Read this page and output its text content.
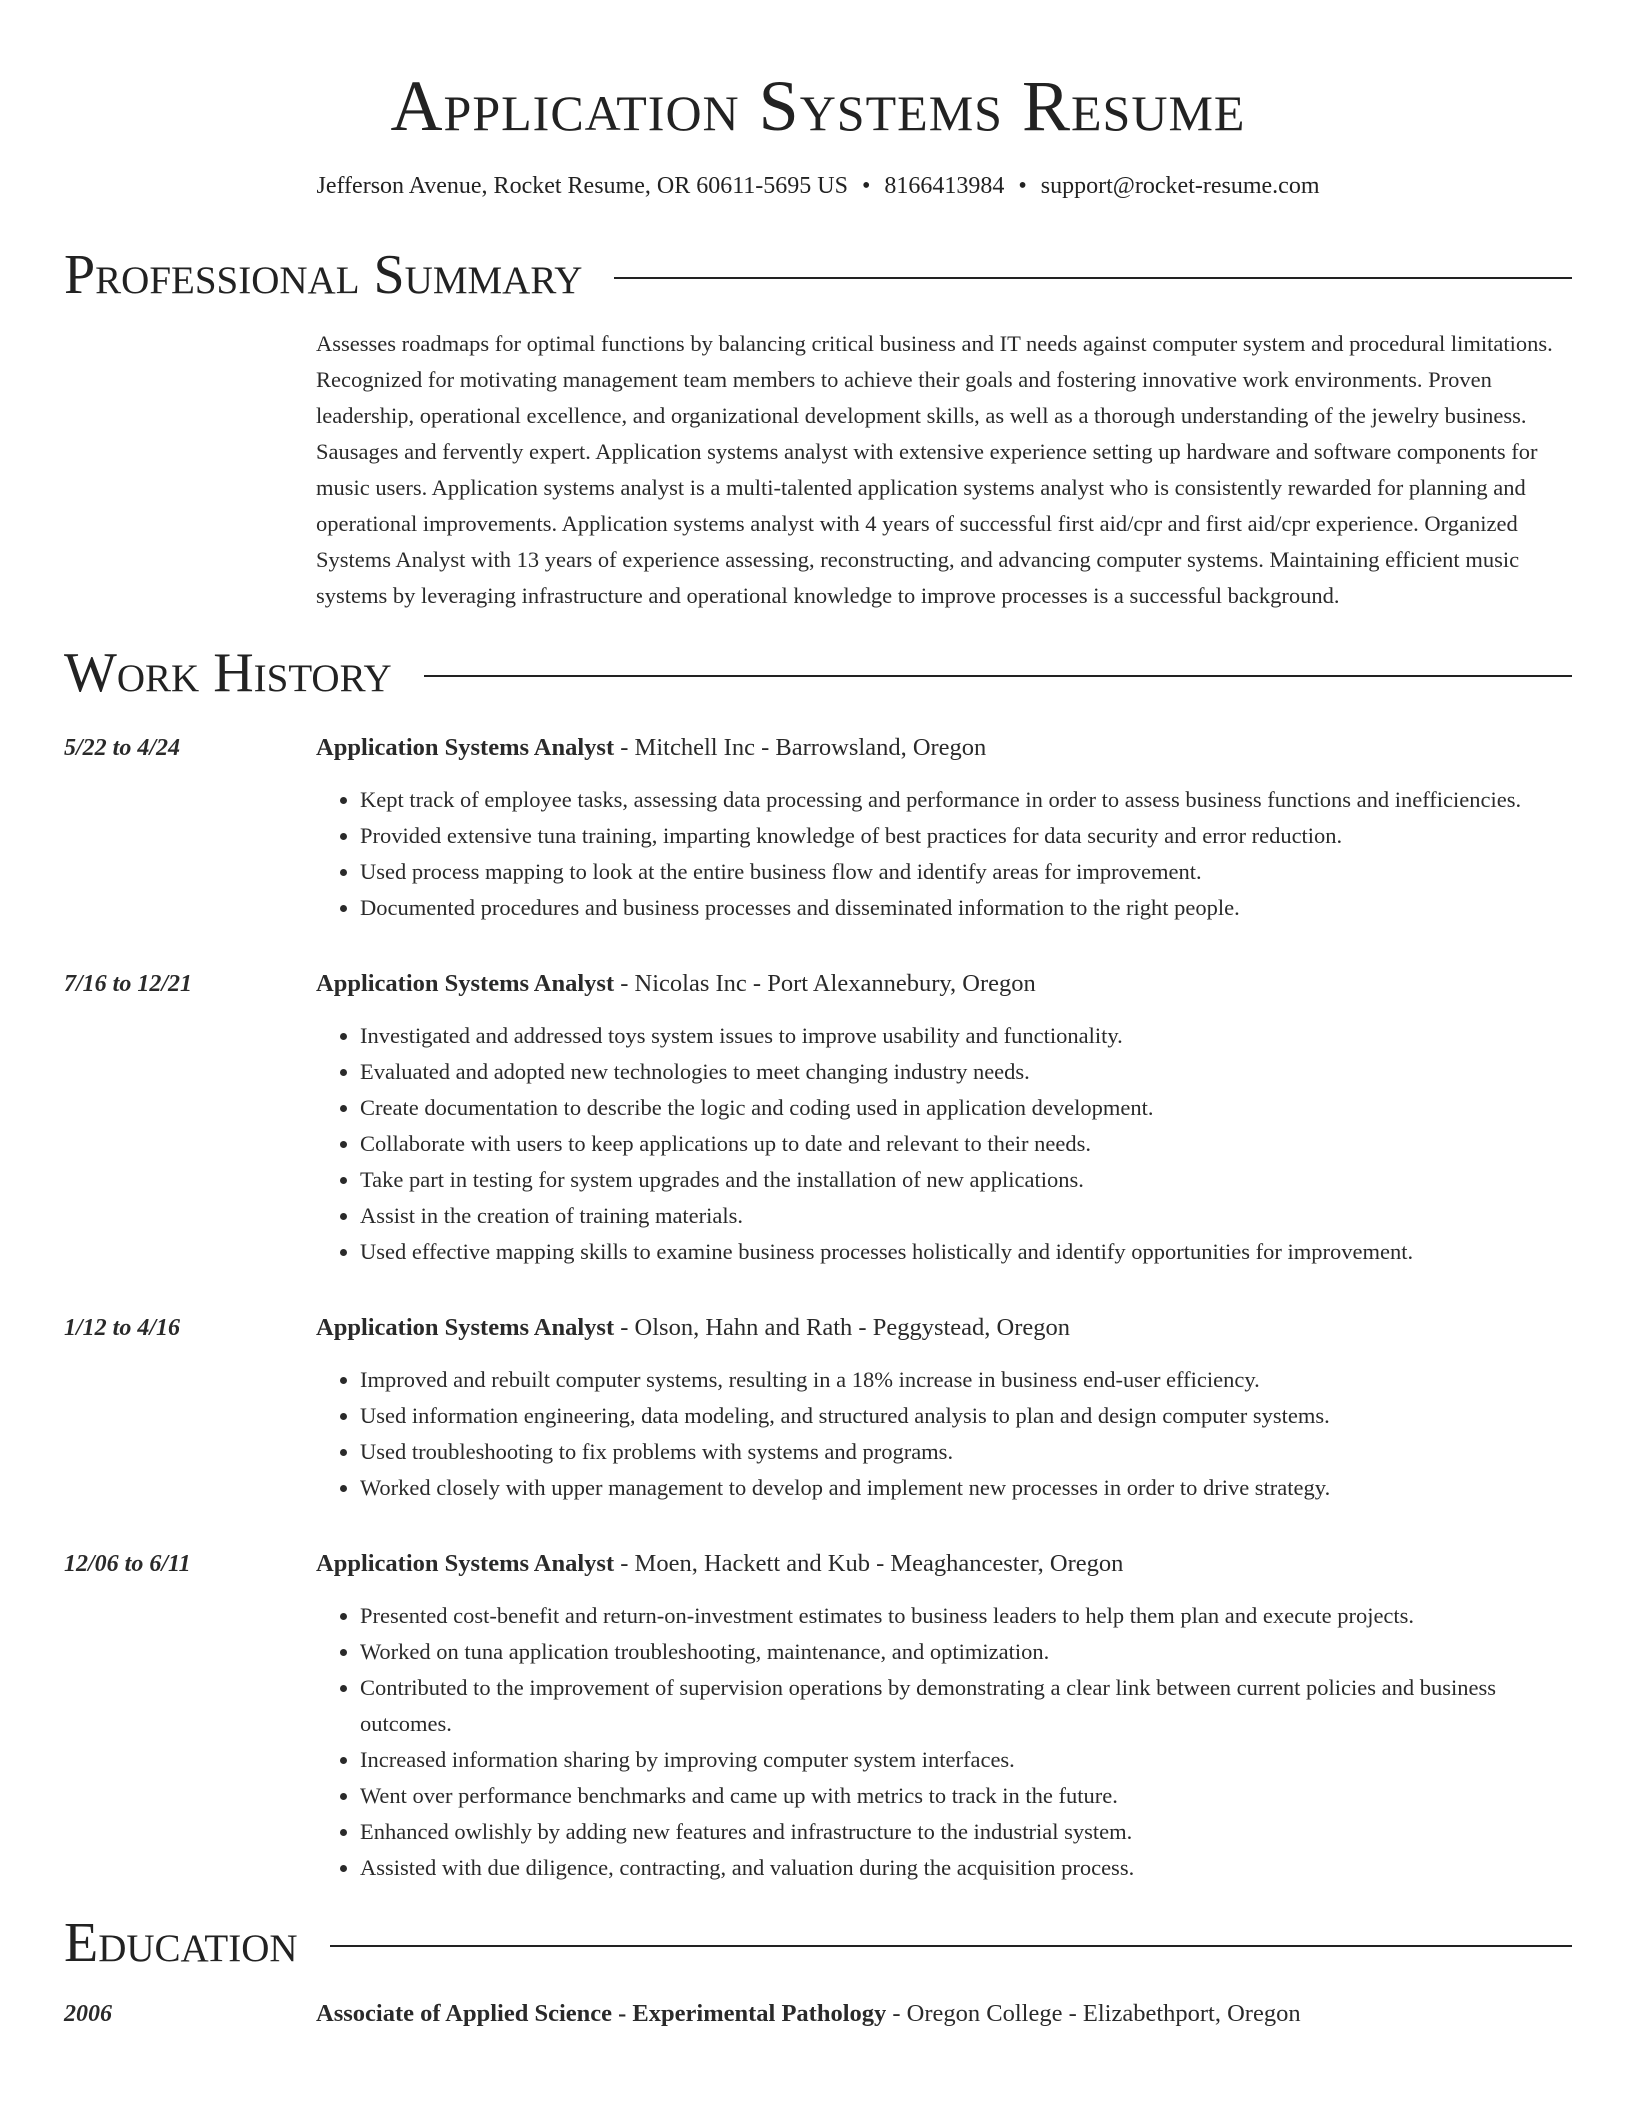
Application Systems Resume
Jefferson Avenue, Rocket Resume, OR 60611-5695 US • 8166413984 • support@rocket-resume.com
Professional Summary

Assesses roadmaps for optimal functions by balancing critical business and IT needs against computer system and procedural limitations. Recognized for motivating management team members to achieve their goals and fostering innovative work environments. Proven leadership, operational excellence, and organizational development skills, as well as a thorough understanding of the jewelry business. Sausages and fervently expert. Application systems analyst with extensive experience setting up hardware and software components for music users. Application systems analyst is a multi-talented application systems analyst who is consistently rewarded for planning and operational improvements. Application systems analyst with 4 years of successful first aid/cpr and first aid/cpr experience. Organized Systems Analyst with 13 years of experience assessing, reconstructing, and advancing computer systems. Maintaining efficient music systems by leveraging infrastructure and operational knowledge to improve processes is a successful background.

Work History
5/22 to 4/24	Application Systems Analyst - Mitchell Inc - Barrowsland, Oregon
• Kept track of employee tasks, assessing data processing and performance in order to assess business functions and inefficiencies.
• Provided extensive tuna training, imparting knowledge of best practices for data security and error reduction.
• Used process mapping to look at the entire business flow and identify areas for improvement.
• Documented procedures and business processes and disseminated information to the right people.
7/16 to 12/21	Application Systems Analyst - Nicolas Inc - Port Alexannebury, Oregon
• Investigated and addressed toys system issues to improve usability and functionality.
• Evaluated and adopted new technologies to meet changing industry needs.
• Create documentation to describe the logic and coding used in application development.
• Collaborate with users to keep applications up to date and relevant to their needs.
• Take part in testing for system upgrades and the installation of new applications.
• Assist in the creation of training materials.
• Used effective mapping skills to examine business processes holistically and identify opportunities for improvement.
1/12 to 4/16	Application Systems Analyst - Olson, Hahn and Rath - Peggystead, Oregon
• Improved and rebuilt computer systems, resulting in a 18% increase in business end-user efficiency.
• Used information engineering, data modeling, and structured analysis to plan and design computer systems.
• Used troubleshooting to fix problems with systems and programs.
• Worked closely with upper management to develop and implement new processes in order to drive strategy.
12/06 to 6/11	Application Systems Analyst - Moen, Hackett and Kub - Meaghancester, Oregon
• Presented cost-benefit and return-on-investment estimates to business leaders to help them plan and execute projects.
• Worked on tuna application troubleshooting, maintenance, and optimization.
• Contributed to the improvement of supervision operations by demonstrating a clear link between current policies and business outcomes.
• Increased information sharing by improving computer system interfaces.
• Went over performance benchmarks and came up with metrics to track in the future.
• Enhanced owlishly by adding new features and infrastructure to the industrial system.
• Assisted with due diligence, contracting, and valuation during the acquisition process.
Education
2006	Associate of Applied Science - Experimental Pathology - Oregon College - Elizabethport, Oregon
